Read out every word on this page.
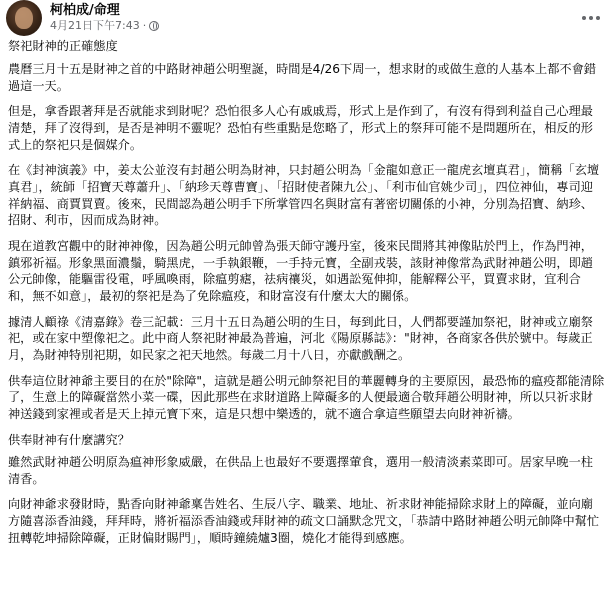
柯柏成/命理
4月21日下午7:43 ·

祭祀財神的正確態度

農曆三月十五是財神之首的中路財神趙公明聖誕，時間是4/26下周一，想求財的或做生意的人基本上都不會錯過這一天。

但是，拿香跟著拜是否就能求到財呢？恐怕很多人心有戚戚焉，形式上是作到了，有沒有得到利益自己心理最清楚，拜了沒得到，是否是神明不靈呢？恐怕有些重點是您略了，形式上的祭拜可能不是問題所在，相反的形式上的祭祀只是個媒介。

在《封神演義》中，姜太公並沒有封趙公明為財神，只封趙公明為「金龍如意正一龍虎玄壇真君」，簡稱「玄壇真君」，統師「招寶天尊蕭升」、「納珍天尊曹寶」、「招財使者陳九公」、「利市仙官姚少司」，四位神仙，專司迎祥納福、商賈買賣。後來，民間認為趙公明手下所掌管四名與財富有著密切關係的小神，分別為招寶、納珍、招財、利市，因而成為財神。

現在道教宮觀中的財神神像，因為趙公明元帥曾為張天師守護丹室，後來民間將其神像貼於門上，作為門神，鎮邪祈福。形象黑面濃鬚，騎黑虎，一手執銀鞭，一手持元寶，全副戎裝，該財神像常為武財神趙公明，即趙公元帥像，能驅雷役電，呼風喚雨，除瘟剪瘧，祛病禳災，如遇訟冤伸抑，能解釋公平，買賣求財，宜利合和，無不如意」，最初的祭祀是為了免除瘟疫，和財富沒有什麼太大的關係。

據清人顧祿《清嘉錄》卷三記載：三月十五日為趙公明的生日，每到此日，人們都要謹加祭祀，財神或立廟祭祀，或在家中塑像祀之。此中商人祭祀財神最為普遍，河北《陽原縣誌》："財神，各商家各供於號中。每歲正月，為財神特別祀期，如民家之祀天地然。每歲二月十八日，亦獻戲酬之。

供奉這位財神爺主要目的在於"除障"，這就是趙公明元帥祭祀目的華麗轉身的主要原因，最恐怖的瘟疫都能清除了，生意上的障礙當然小菜一碟，因此那些在求財道路上障礙多的人便最適合敬拜趙公明財神，所以只祈求財神送錢到家裡或者是天上掉元寶下來，這是只想中樂透的，就不適合拿這些願望去向財神祈禱。

供奉財神有什麼講究？

雖然武財神趙公明原為瘟神形象威嚴，在供品上也最好不要選擇葷食，選用一般清淡素菜即可。居家早晚一柱清香。

向財神爺求發財時，點香向財神爺稟告姓名、生辰八字、職業、地址、祈求財神能掃除求財上的障礙，並向廟方隨喜添香油錢，拜拜時，將祈福添香油錢或拜財神的疏文口誦默念咒文，「恭請中路財神趙公明元帥降中幫忙扭轉乾坤掃除障礙，正財偏財賜門」，順時鐘繞爐3圈，燒化才能得到感應。
